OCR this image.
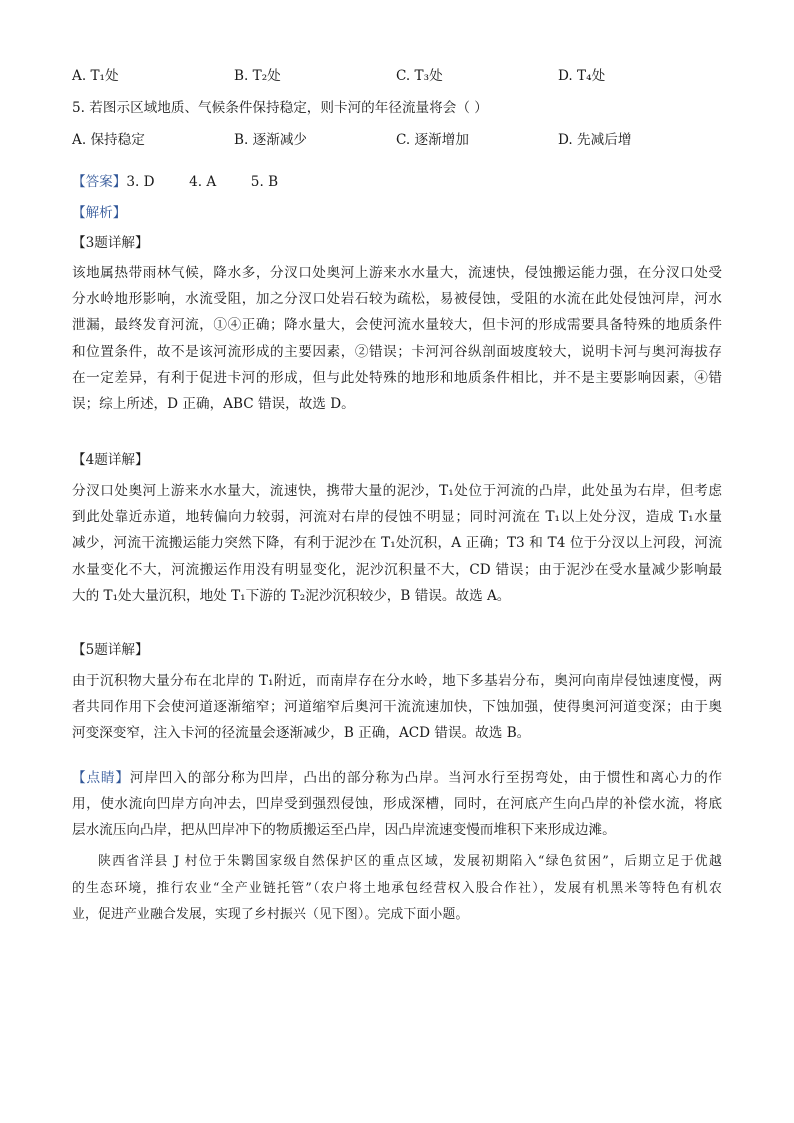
A. T₁处	B. T₂处	C. T₃处	D. T₄处
5. 若图示区域地质、气候条件保持稳定，则卡河的年径流量将会（ ）
A. 保持稳定	B. 逐渐减少	C. 逐渐增加	D. 先减后增
【答案】3. D        4. A        5. B
【解析】
【3题详解】
该地属热带雨林气候，降水多，分汊口处奥河上游来水水量大，流速快，侵蚀搬运能力强，在分汊口处受
分水岭地形影响，水流受阻，加之分汊口处岩石较为疏松，易被侵蚀，受阻的水流在此处侵蚀河岸，河水
泄漏，最终发育河流，①④正确；降水量大，会使河流水量较大，但卡河的形成需要具备特殊的地质条件
和位置条件，故不是该河流形成的主要因素，②错误；卡河河谷纵剖面坡度较大，说明卡河与奥河海拔存
在一定差异，有利于促进卡河的形成，但与此处特殊的地形和地质条件相比，并不是主要影响因素，④错
误；综上所述，D 正确，ABC 错误，故选 D。
【4题详解】
分汊口处奥河上游来水水量大，流速快，携带大量的泥沙，T₁处位于河流的凸岸，此处虽为右岸，但考虑
到此处靠近赤道，地转偏向力较弱，河流对右岸的侵蚀不明显；同时河流在 T₁以上处分汊，造成 T₁水量
减少，河流干流搬运能力突然下降，有利于泥沙在 T₁处沉积，A 正确；T3 和 T4 位于分汊以上河段，河流
水量变化不大，河流搬运作用没有明显变化，泥沙沉积量不大，CD 错误；由于泥沙在受水量减少影响最
大的 T₁处大量沉积，地处 T₁下游的 T₂泥沙沉积较少，B 错误。故选 A。
【5题详解】
由于沉积物大量分布在北岸的 T₁附近，而南岸存在分水岭，地下多基岩分布，奥河向南岸侵蚀速度慢，两
者共同作用下会使河道逐渐缩窄；河道缩窄后奥河干流流速加快，下蚀加强，使得奥河河道变深；由于奥
河变深变窄，注入卡河的径流量会逐渐减少，B 正确，ACD 错误。故选 B。
【点睛】河岸凹入的部分称为凹岸，凸出的部分称为凸岸。当河水行至拐弯处，由于惯性和离心力的作
用，使水流向凹岸方向冲去，凹岸受到强烈侵蚀，形成深槽，同时，在河底产生向凸岸的补偿水流，将底
层水流压向凸岸，把从凹岸冲下的物质搬运至凸岸，因凸岸流速变慢而堆积下来形成边滩。
陕西省洋县 J 村位于朱鹮国家级自然保护区的重点区域，发展初期陷入“绿色贫困”，后期立足于优越
的生态环境，推行农业“全产业链托管”（农户将土地承包经营权入股合作社），发展有机黑米等特色有机农
业，促进产业融合发展，实现了乡村振兴（见下图）。完成下面小题。
